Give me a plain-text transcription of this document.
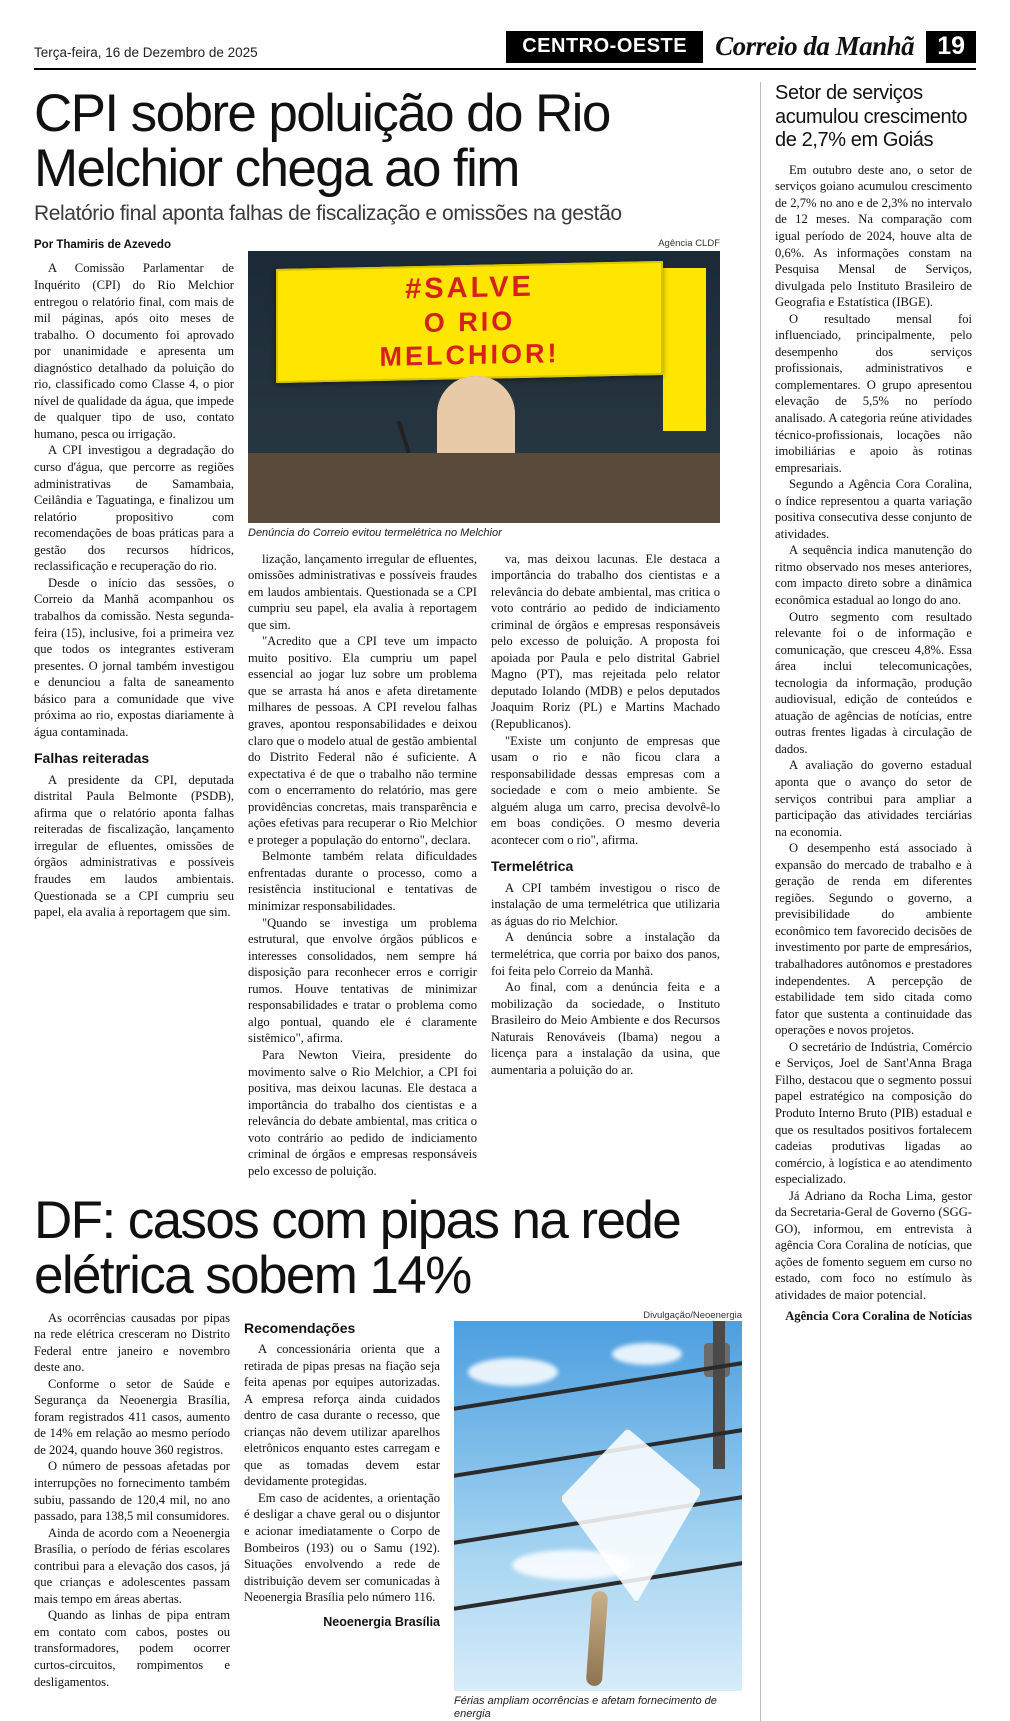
Terça-feira, 16 de Dezembro de 2025	CENTRO-OESTE	Correio da Manhã 19
CPI sobre poluição do Rio Melchior chega ao fim
Relatório final aponta falhas de fiscalização e omissões na gestão
Por Thamiris de Azevedo

A Comissão Parlamentar de Inquérito (CPI) do Rio Melchior entregou o relatório final, com mais de mil páginas, após oito meses de trabalho. O documento foi aprovado por unanimidade e apresenta um diagnóstico detalhado da poluição do rio, classificado como Classe 4, o pior nível de qualidade da água, que impede de qualquer tipo de uso, contato humano, pesca ou irrigação.

A CPI investigou a degradação do curso d'água, que percorre as regiões administrativas de Samambaia, Ceilândia e Taguatinga, e finalizou um relatório propositivo com recomendações de boas práticas para a gestão dos recursos hídricos, reclassificação e recuperação do rio.

Desde o início das sessões, o Correio da Manhã acompanhou os trabalhos da comissão. Nesta segunda-feira (15), inclusive, foi a primeira vez que todos os integrantes estiveram presentes. O jornal também investigou e denunciou a falta de saneamento básico para a comunidade que vive próxima ao rio, expostas diariamente à água contaminada.

Falhas reiteradas

A presidente da CPI, deputada distrital Paula Belmonte (PSDB), afirma que o relatório aponta falhas reiteradas de fiscalização, lançamento irregular de efluentes, omissões de órgãos administrativas e possíveis fraudes em laudos ambientais. Questionada se a CPI cumpriu seu papel, ela avalia à reportagem que sim.

Agência CLDF
#SALVE
O RIO
MELCHIOR!
Denúncia do Correio evitou termelétrica no Melchior

lização, lançamento irregular de efluentes, omissões administrativas e possíveis fraudes em laudos ambientais. Questionada se a CPI cumpriu seu papel, ela avalia à reportagem que sim.

"Acredito que a CPI teve um impacto muito positivo. Ela cumpriu um papel essencial ao jogar luz sobre um problema que se arrasta há anos e afeta diretamente milhares de pessoas. A CPI revelou falhas graves, apontou responsabilidades e deixou claro que o modelo atual de gestão ambiental do Distrito Federal não é suficiente. A expectativa é de que o trabalho não termine com o encerramento do relatório, mas gere providências concretas, mais transparência e ações efetivas para recuperar o Rio Melchior e proteger a população do entorno", declara.

Belmonte também relata dificuldades enfrentadas durante o processo, como a resistência institucional e tentativas de minimizar responsabilidades.

"Quando se investiga um problema estrutural, que envolve órgãos públicos e interesses consolidados, nem sempre há disposição para reconhecer erros e corrigir rumos. Houve tentativas de minimizar responsabilidades e tratar o problema como algo pontual, quando ele é claramente sistêmico", afirma.

Para Newton Vieira, presidente do movimento salve o Rio Melchior, a CPI foi positiva, mas deixou lacunas. Ele destaca a importância do trabalho dos cientistas e a relevância do debate ambiental, mas critica o voto contrário ao pedido de indiciamento criminal de órgãos e empresas responsáveis pelo excesso de poluição.

va, mas deixou lacunas. Ele destaca a importância do trabalho dos cientistas e a relevância do debate ambiental, mas critica o voto contrário ao pedido de indiciamento criminal de órgãos e empresas responsáveis pelo excesso de poluição. A proposta foi apoiada por Paula e pelo distrital Gabriel Magno (PT), mas rejeitada pelo relator deputado Iolando (MDB) e pelos deputados Joaquim Roriz (PL) e Martins Machado (Republicanos).

"Existe um conjunto de empresas que usam o rio e não ficou clara a responsabilidade dessas empresas com a sociedade e com o meio ambiente. Se alguém aluga um carro, precisa devolvê-lo em boas condições. O mesmo deveria acontecer com o rio", afirma.

Termelétrica

A CPI também investigou o risco de instalação de uma termelétrica que utilizaria as águas do rio Melchior.

A denúncia sobre a instalação da termelétrica, que corria por baixo dos panos, foi feita pelo Correio da Manhã.

Ao final, com a denúncia feita e a mobilização da sociedade, o Instituto Brasileiro do Meio Ambiente e dos Recursos Naturais Renováveis (Ibama) negou a licença para a instalação da usina, que aumentaria a poluição do ar.

DF: casos com pipas na rede elétrica sobem 14%

As ocorrências causadas por pipas na rede elétrica cresceram no Distrito Federal entre janeiro e novembro deste ano.

Conforme o setor de Saúde e Segurança da Neoenergia Brasília, foram registrados 411 casos, aumento de 14% em relação ao mesmo período de 2024, quando houve 360 registros.

O número de pessoas afetadas por interrupções no fornecimento também subiu, passando de 120,4 mil, no ano passado, para 138,5 mil consumidores.

Ainda de acordo com a Neoenergia Brasília, o período de férias escolares contribui para a elevação dos casos, já que crianças e adolescentes passam mais tempo em áreas abertas.

Quando as linhas de pipa entram em contato com cabos, postes ou transformadores, podem ocorrer curtos-circuitos, rompimentos e desligamentos.

Recomendações

A concessionária orienta que a retirada de pipas presas na fiação seja feita apenas por equipes autorizadas. A empresa reforça ainda cuidados dentro de casa durante o recesso, que crianças não devem utilizar aparelhos eletrônicos enquanto estes carregam e que as tomadas devem estar devidamente protegidas.

Em caso de acidentes, a orientação é desligar a chave geral ou o disjuntor e acionar imediatamente o Corpo de Bombeiros (193) ou o Samu (192). Situações envolvendo a rede de distribuição devem ser comunicadas à Neoenergia Brasília pelo número 116.

Neoenergia Brasília
Divulgação/Neoenergia
Férias ampliam ocorrências e afetam fornecimento de energia
Setor de serviços acumulou crescimento de 2,7% em Goiás

Em outubro deste ano, o setor de serviços goiano acumulou crescimento de 2,7% no ano e de 2,3% no intervalo de 12 meses. Na comparação com igual período de 2024, houve alta de 0,6%. As informações constam na Pesquisa Mensal de Serviços, divulgada pelo Instituto Brasileiro de Geografia e Estatística (IBGE).

O resultado mensal foi influenciado, principalmente, pelo desempenho dos serviços profissionais, administrativos e complementares. O grupo apresentou elevação de 5,5% no período analisado. A categoria reúne atividades técnico-profissionais, locações não imobiliárias e apoio às rotinas empresariais.

Segundo a Agência Cora Coralina, o índice representou a quarta variação positiva consecutiva desse conjunto de atividades.

A sequência indica manutenção do ritmo observado nos meses anteriores, com impacto direto sobre a dinâmica econômica estadual ao longo do ano.

Outro segmento com resultado relevante foi o de informação e comunicação, que cresceu 4,8%. Essa área inclui telecomunicações, tecnologia da informação, produção audiovisual, edição de conteúdos e atuação de agências de notícias, entre outras frentes ligadas à circulação de dados.

A avaliação do governo estadual aponta que o avanço do setor de serviços contribui para ampliar a participação das atividades terciárias na economia.

O desempenho está associado à expansão do mercado de trabalho e à geração de renda em diferentes regiões. Segundo o governo, a previsibilidade do ambiente econômico tem favorecido decisões de investimento por parte de empresários, trabalhadores autônomos e prestadores independentes. A percepção de estabilidade tem sido citada como fator que sustenta a continuidade das operações e novos projetos.

O secretário de Indústria, Comércio e Serviços, Joel de Sant'Anna Braga Filho, destacou que o segmento possui papel estratégico na composição do Produto Interno Bruto (PIB) estadual e que os resultados positivos fortalecem cadeias produtivas ligadas ao comércio, à logística e ao atendimento especializado.

Já Adriano da Rocha Lima, gestor da Secretaria-Geral de Governo (SGG-GO), informou, em entrevista à agência Cora Coralina de notícias, que ações de fomento seguem em curso no estado, com foco no estímulo às atividades de maior potencial.

Agência Cora Coralina de Notícias
